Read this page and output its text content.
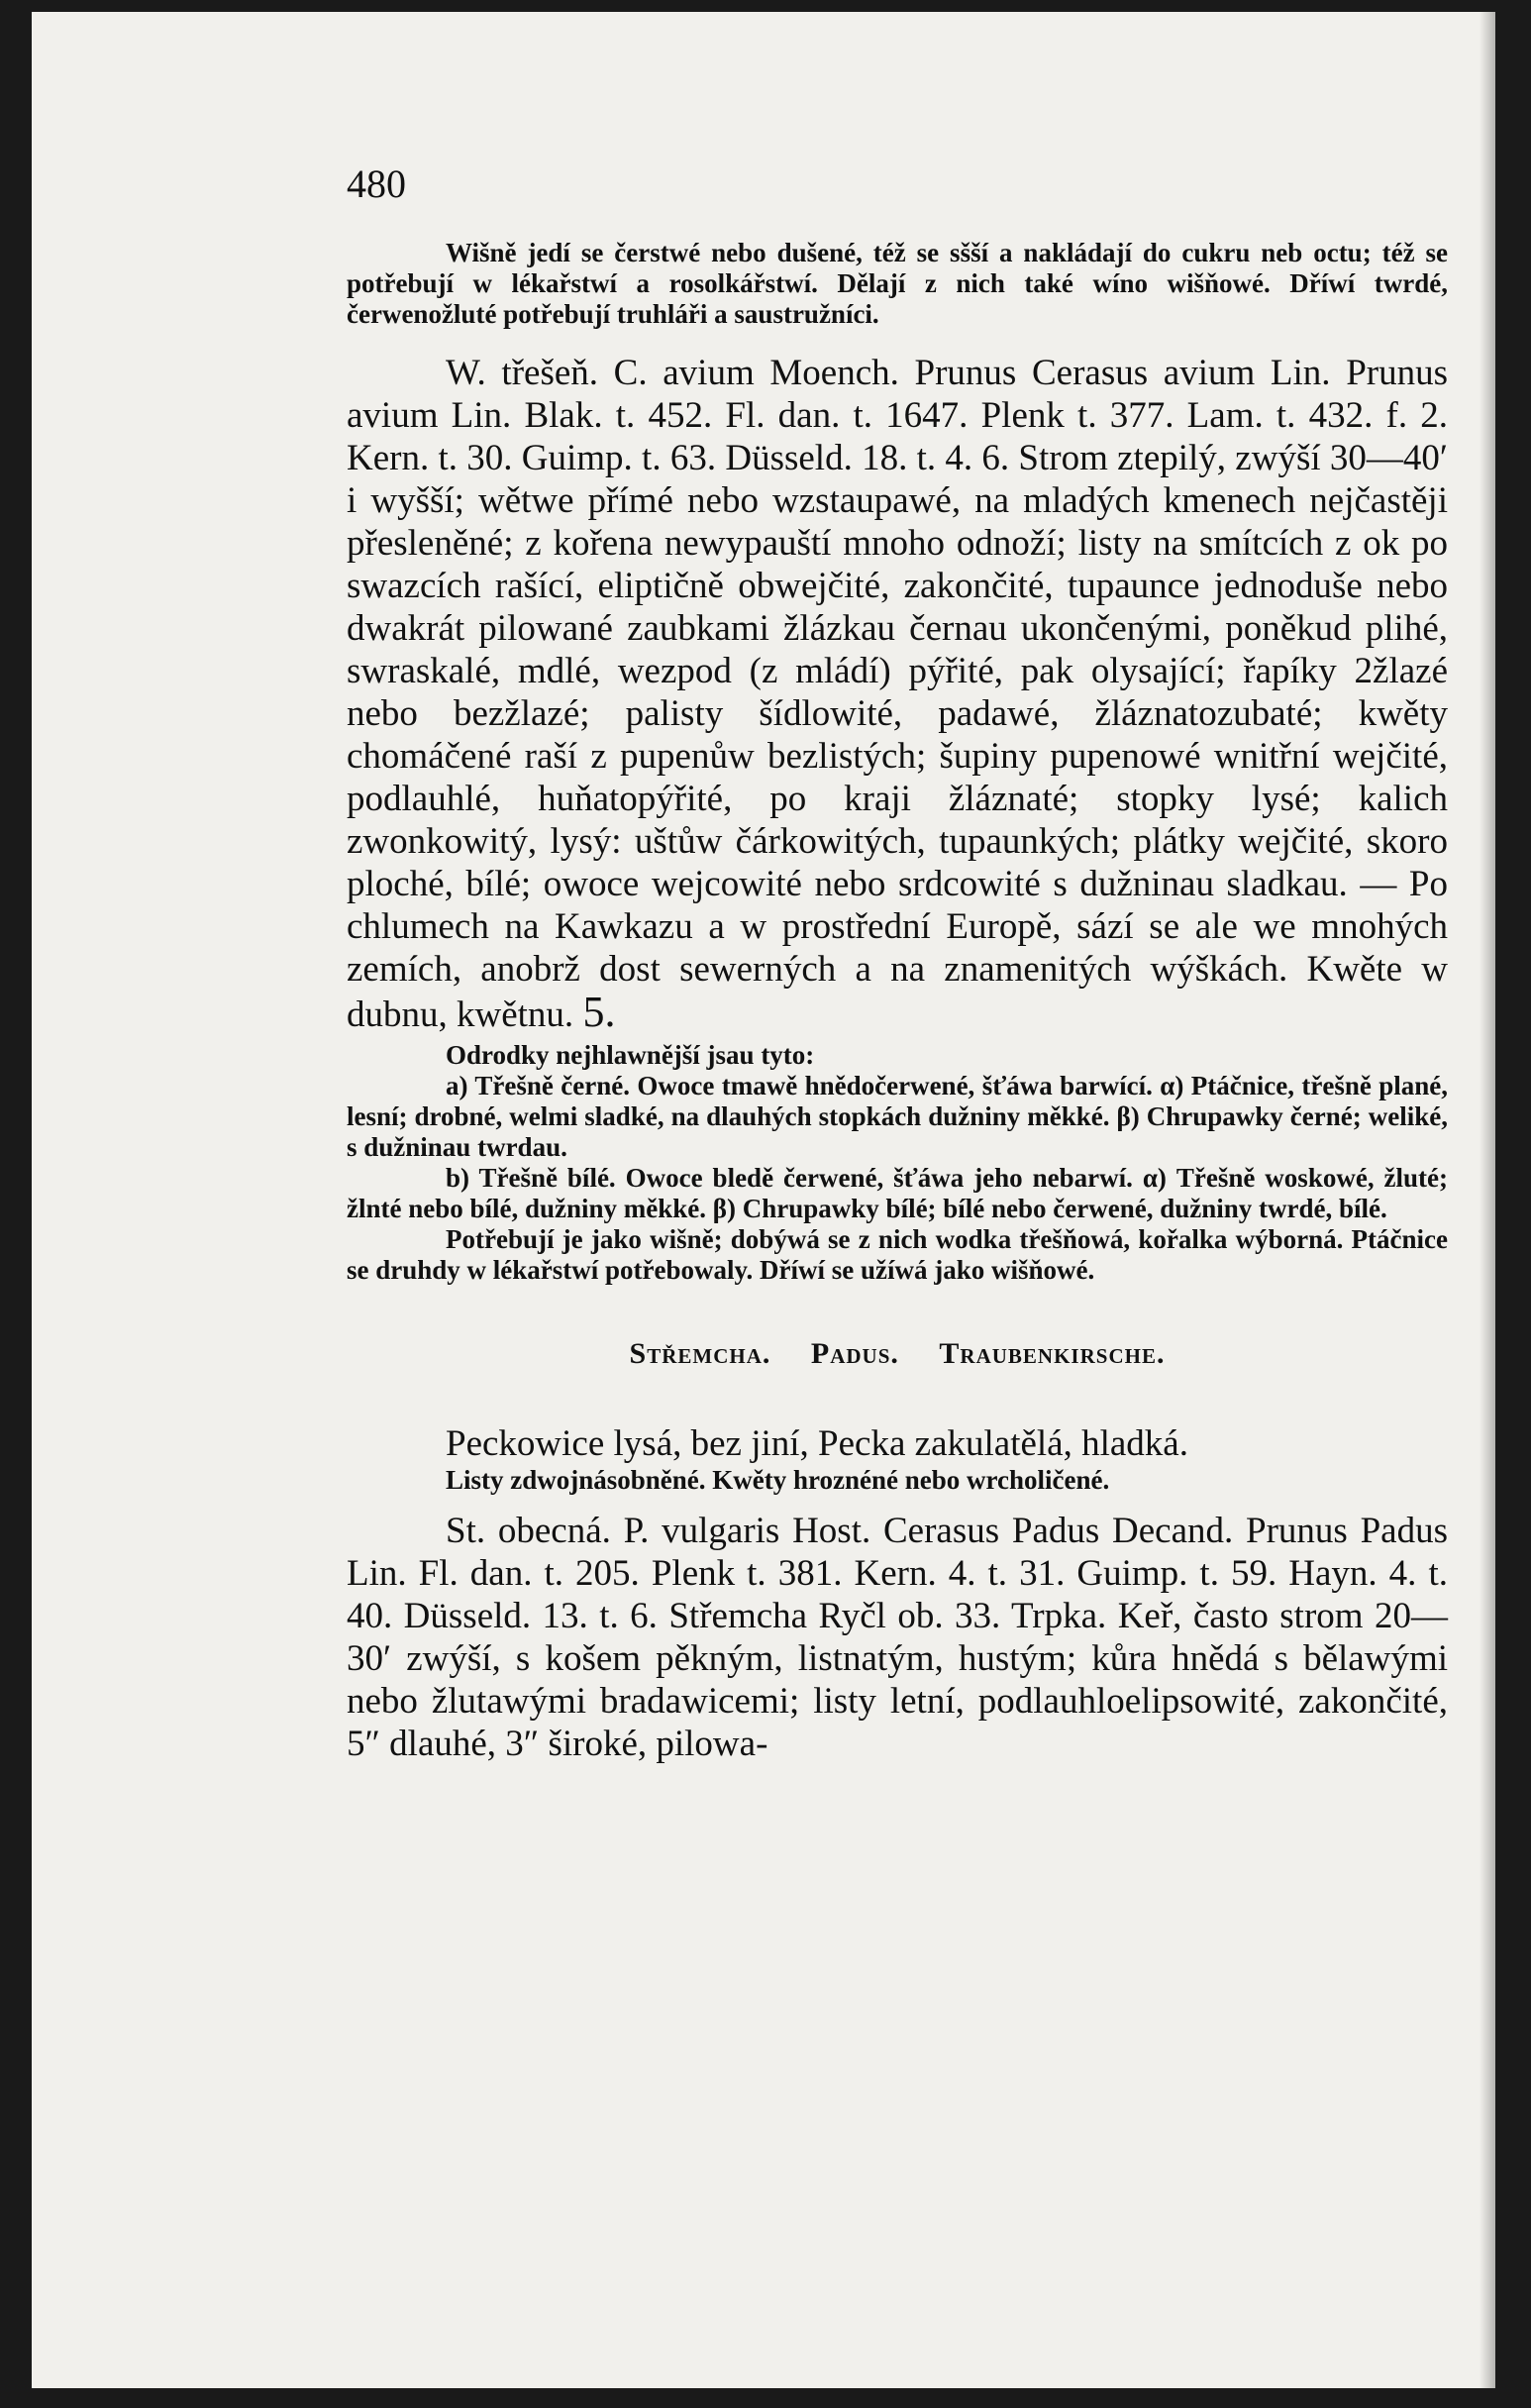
480

Wišně jedí se čerstwé nebo dušené, též se sšší a nakládají do cukru neb octu; též se potřebují w lékařstwí a rosolkářstwí. Dělají z nich také wíno wišňowé. Dříwí twrdé, čerwenožluté potřebují truhláři a saustružníci.

W. třešeň. C. avium Moench. Prunus Cerasus avium Lin. Prunus avium Lin. Blak. t. 452. Fl. dan. t. 1647. Plenk t. 377. Lam. t. 432. f. 2. Kern. t. 30. Guimp. t. 63. Düsseld. 18. t. 4. 6. Strom ztepilý, zwýší 30—40′ i wyšší; wětwe přímé nebo wzstaupawé, na mladých kmenech nejčastěji přesleněné; z kořena newypauští mnoho odnoží; listy na smítcích z ok po swazcích rašící, eliptičně obwejčité, zakončité, tupaunce jednoduše nebo dwakrát pilowané zaubkami žlázkau černau ukončenými, poněkud plihé, swraskalé, mdlé, wezpod (z mládí) pýřité, pak olysající; řapíky 2žlazé nebo bezžlazé; palisty šídlowité, padawé, žláznatozubaté; kwěty chomáčené raší z pupenůw bezlistých; šupiny pupenowé wnitřní wejčité, podlauhlé, huňatopýřité, po kraji žláznaté; stopky lysé; kalich zwonkowitý, lysý: uštůw čárkowitých, tupaunkých; plátky wejčité, skoro ploché, bílé; owoce wejcowité nebo srdcowité s dužninau sladkau. — Po chlumech na Kawkazu a w prostřední Europě, sází se ale we mnohých zemích, anobrž dost sewerných a na znamenitých wýškách. Kwěte w dubnu, kwětnu. 5.

Odrodky nejhlawnější jsau tyto:

a) Třešně černé. Owoce tmawě hnědočerwené, šťáwa barwící. α) Ptáčnice, třešně plané, lesní; drobné, welmi sladké, na dlauhých stopkách dužniny měkké. β) Chrupawky černé; weliké, s dužninau twrdau.

b) Třešně bílé. Owoce bledě čerwené, šťáwa jeho nebarwí. α) Třešně woskowé, žluté; žlnté nebo bílé, dužniny měkké. β) Chrupawky bílé; bílé nebo čerwené, dužniny twrdé, bílé.

Potřebují je jako wišně; dobýwá se z nich wodka třešňowá, kořalka wýborná. Ptáčnice se druhdy w lékařstwí potřebowaly. Dříwí se užíwá jako wišňowé.

Střemcha. Padus. Traubenkirsche.

Peckowice lysá, bez jiní, Pecka zakulatělá, hladká.

Listy zdwojnásobněné. Kwěty hroznéné nebo wrcholičené.

St. obecná. P. vulgaris Host. Cerasus Padus Decand. Prunus Padus Lin. Fl. dan. t. 205. Plenk t. 381. Kern. 4. t. 31. Guimp. t. 59. Hayn. 4. t. 40. Düsseld. 13. t. 6. Střemcha Ryčl ob. 33. Trpka. Keř, často strom 20—30′ zwýší, s košem pěkným, listnatým, hustým; kůra hnědá s bělawými nebo žlutawými bradawicemi; listy letní, podlauhloelipsowité, zakončité, 5″ dlauhé, 3″ široké, pilowa-
